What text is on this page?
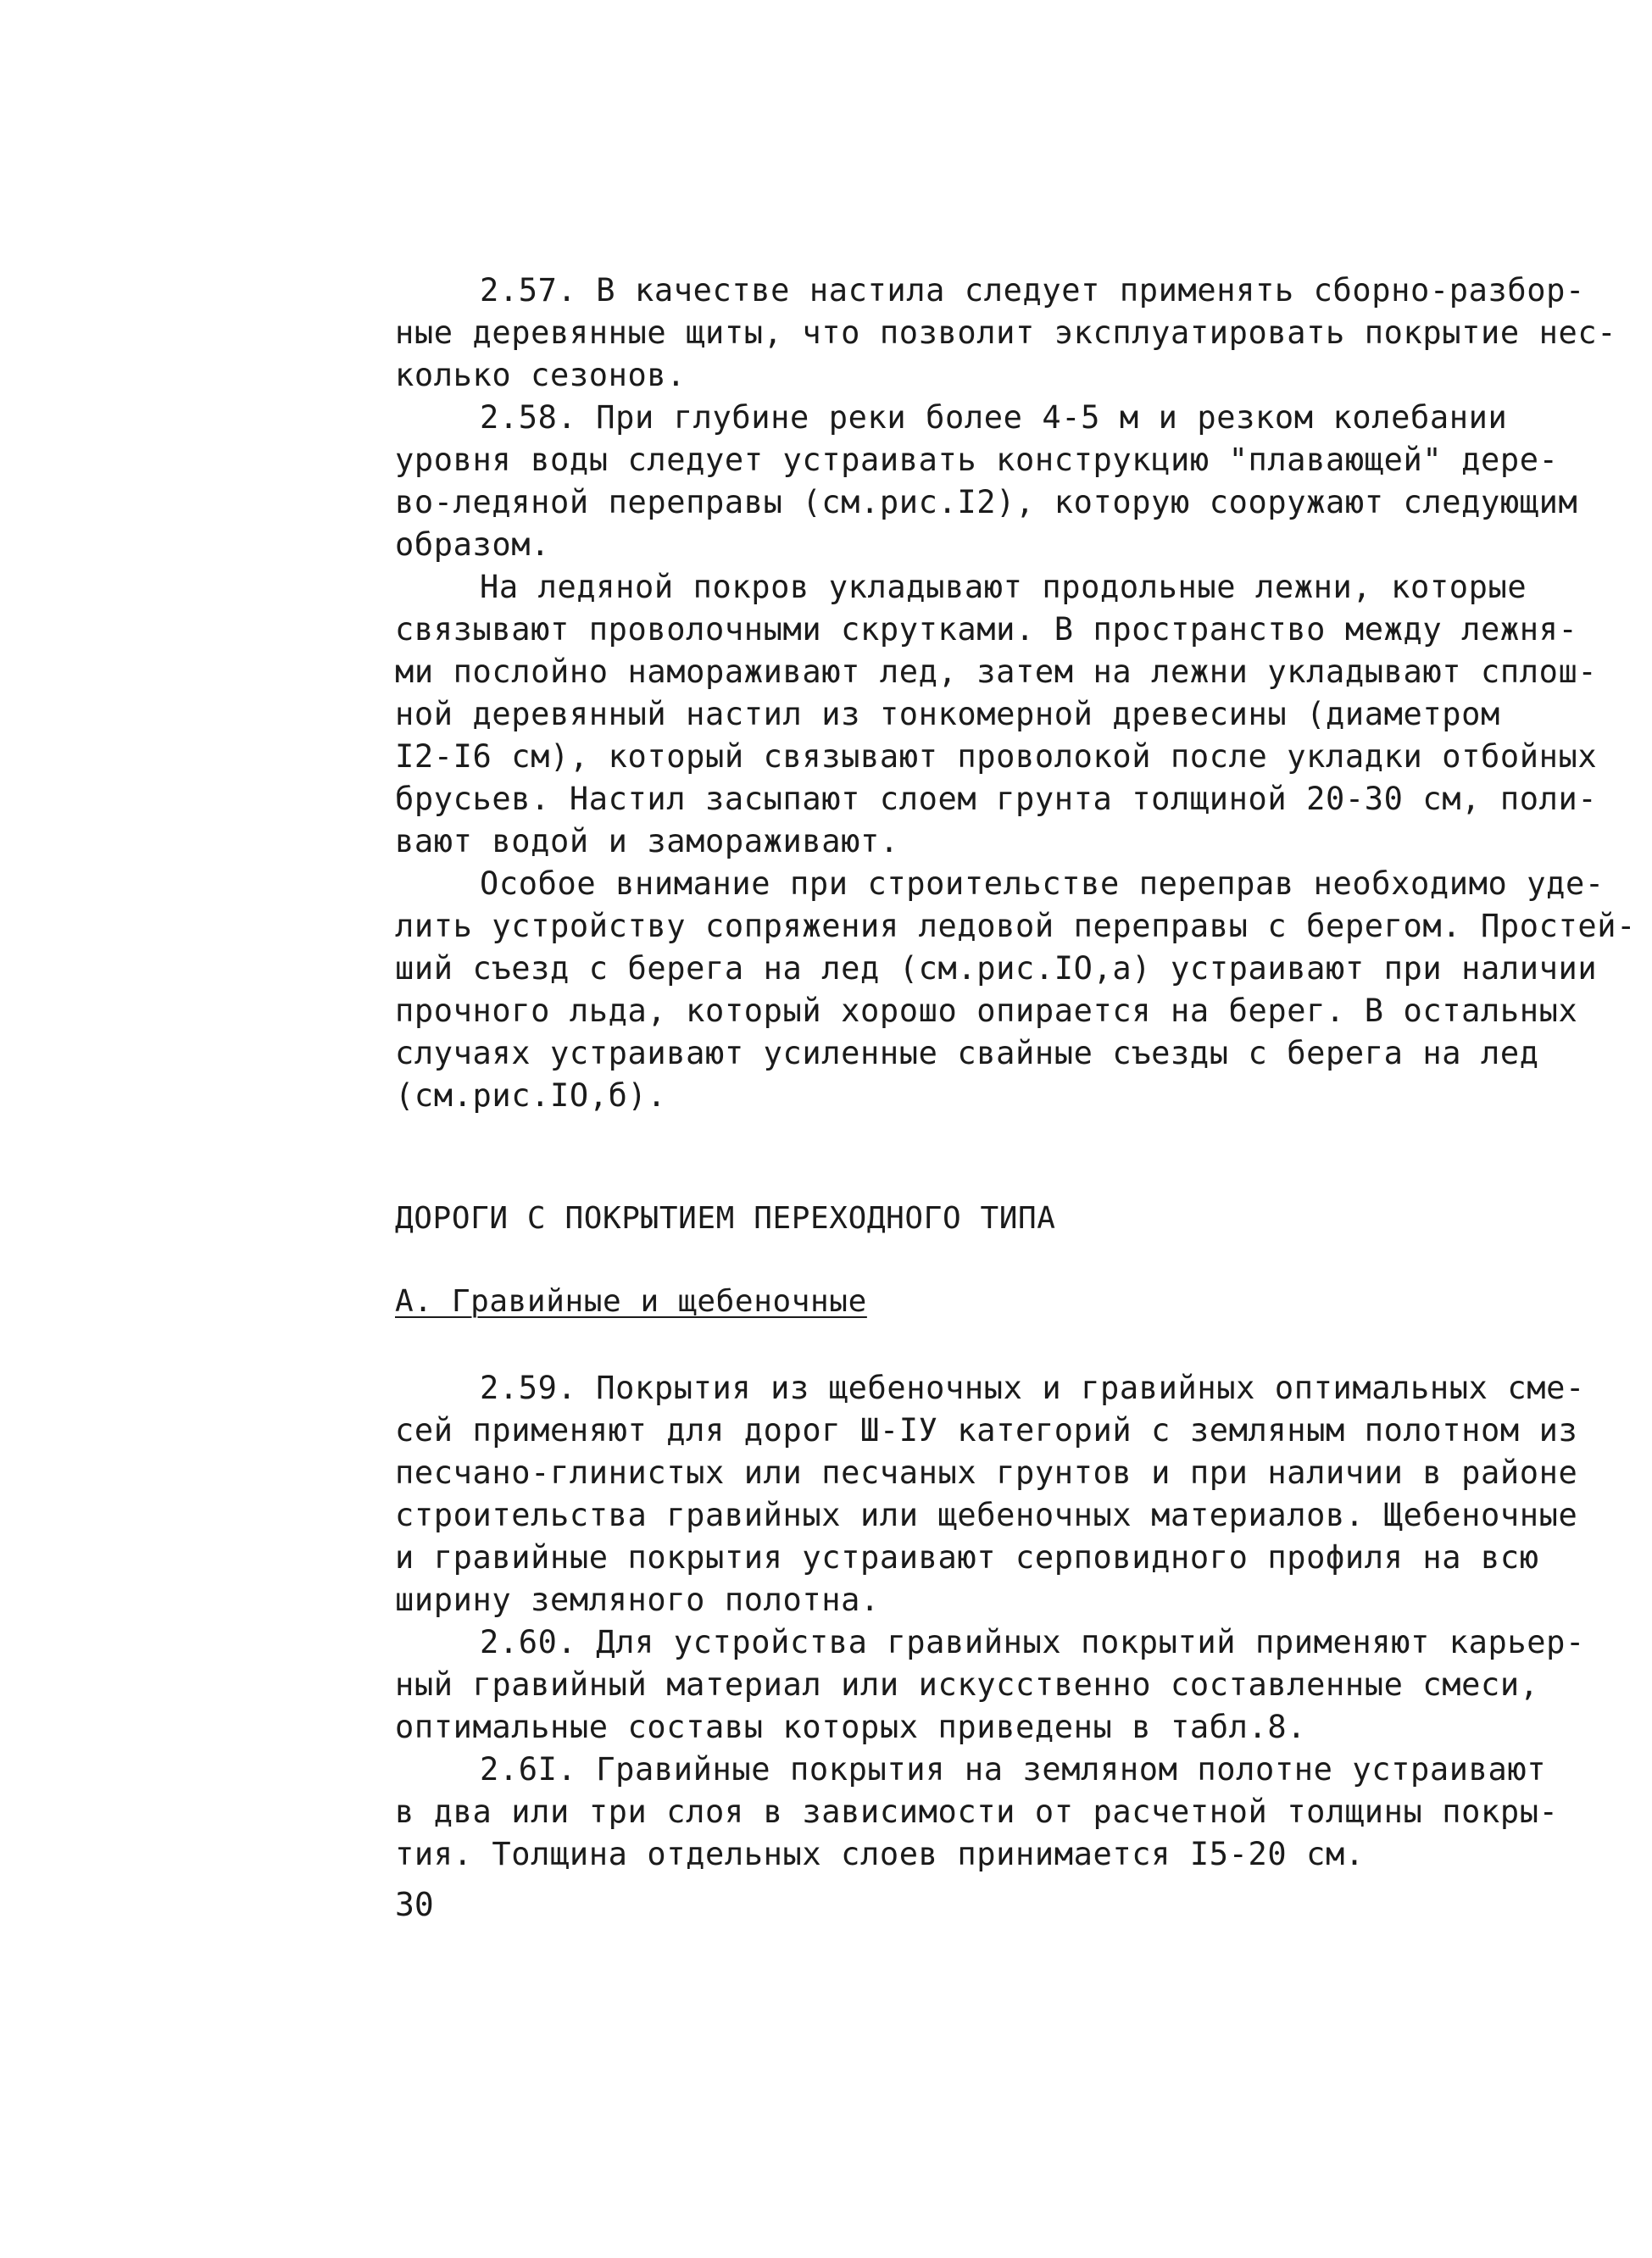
2.57. В качестве настила следует применять сборно-разбор-
ные деревянные щиты, что позволит эксплуатировать покрытие нес-
колько сезонов.
2.58. При глубине реки более 4-5 м и резком колебании
уровня воды следует устраивать конструкцию "плавающей" дере-
во-ледяной переправы (см.рис.I2), которую сооружают следующим
образом.
На ледяной покров укладывают продольные лежни, которые
связывают проволочными скрутками. В пространство между лежня-
ми послойно намораживают лед, затем на лежни укладывают сплош-
ной деревянный настил из тонкомерной древесины (диаметром
I2-I6 см), который связывают проволокой после укладки отбойных
брусьев. Настил засыпают слоем грунта толщиной 20-30 см, поли-
вают водой и замораживают.
Особое внимание при строительстве переправ необходимо уде-
лить устройству сопряжения ледовой переправы с берегом. Простей-
ший съезд с берега на лед (см.рис.IO,а) устраивают при наличии
прочного льда, который хорошо опирается на берег. В остальных
случаях устраивают усиленные свайные съезды с берега на лед
(см.рис.IO,б).
ДОРОГИ С ПОКРЫТИЕМ ПЕРЕХОДНОГО ТИПА
А. Гравийные и щебеночные
2.59. Покрытия из щебеночных и гравийных оптимальных сме-
сей применяют для дорог Ш-IУ категорий с земляным полотном из
песчано-глинистых или песчаных грунтов и при наличии в районе
строительства гравийных или щебеночных материалов. Щебеночные
и гравийные покрытия устраивают серповидного профиля на всю
ширину земляного полотна.
2.60. Для устройства гравийных покрытий применяют карьер-
ный гравийный материал или искусственно составленные смеси,
оптимальные составы которых приведены в табл.8.
2.6I. Гравийные покрытия на земляном полотне устраивают
в два или три слоя в зависимости от расчетной толщины покры-
тия. Толщина отдельных слоев принимается I5-20 см.
30
